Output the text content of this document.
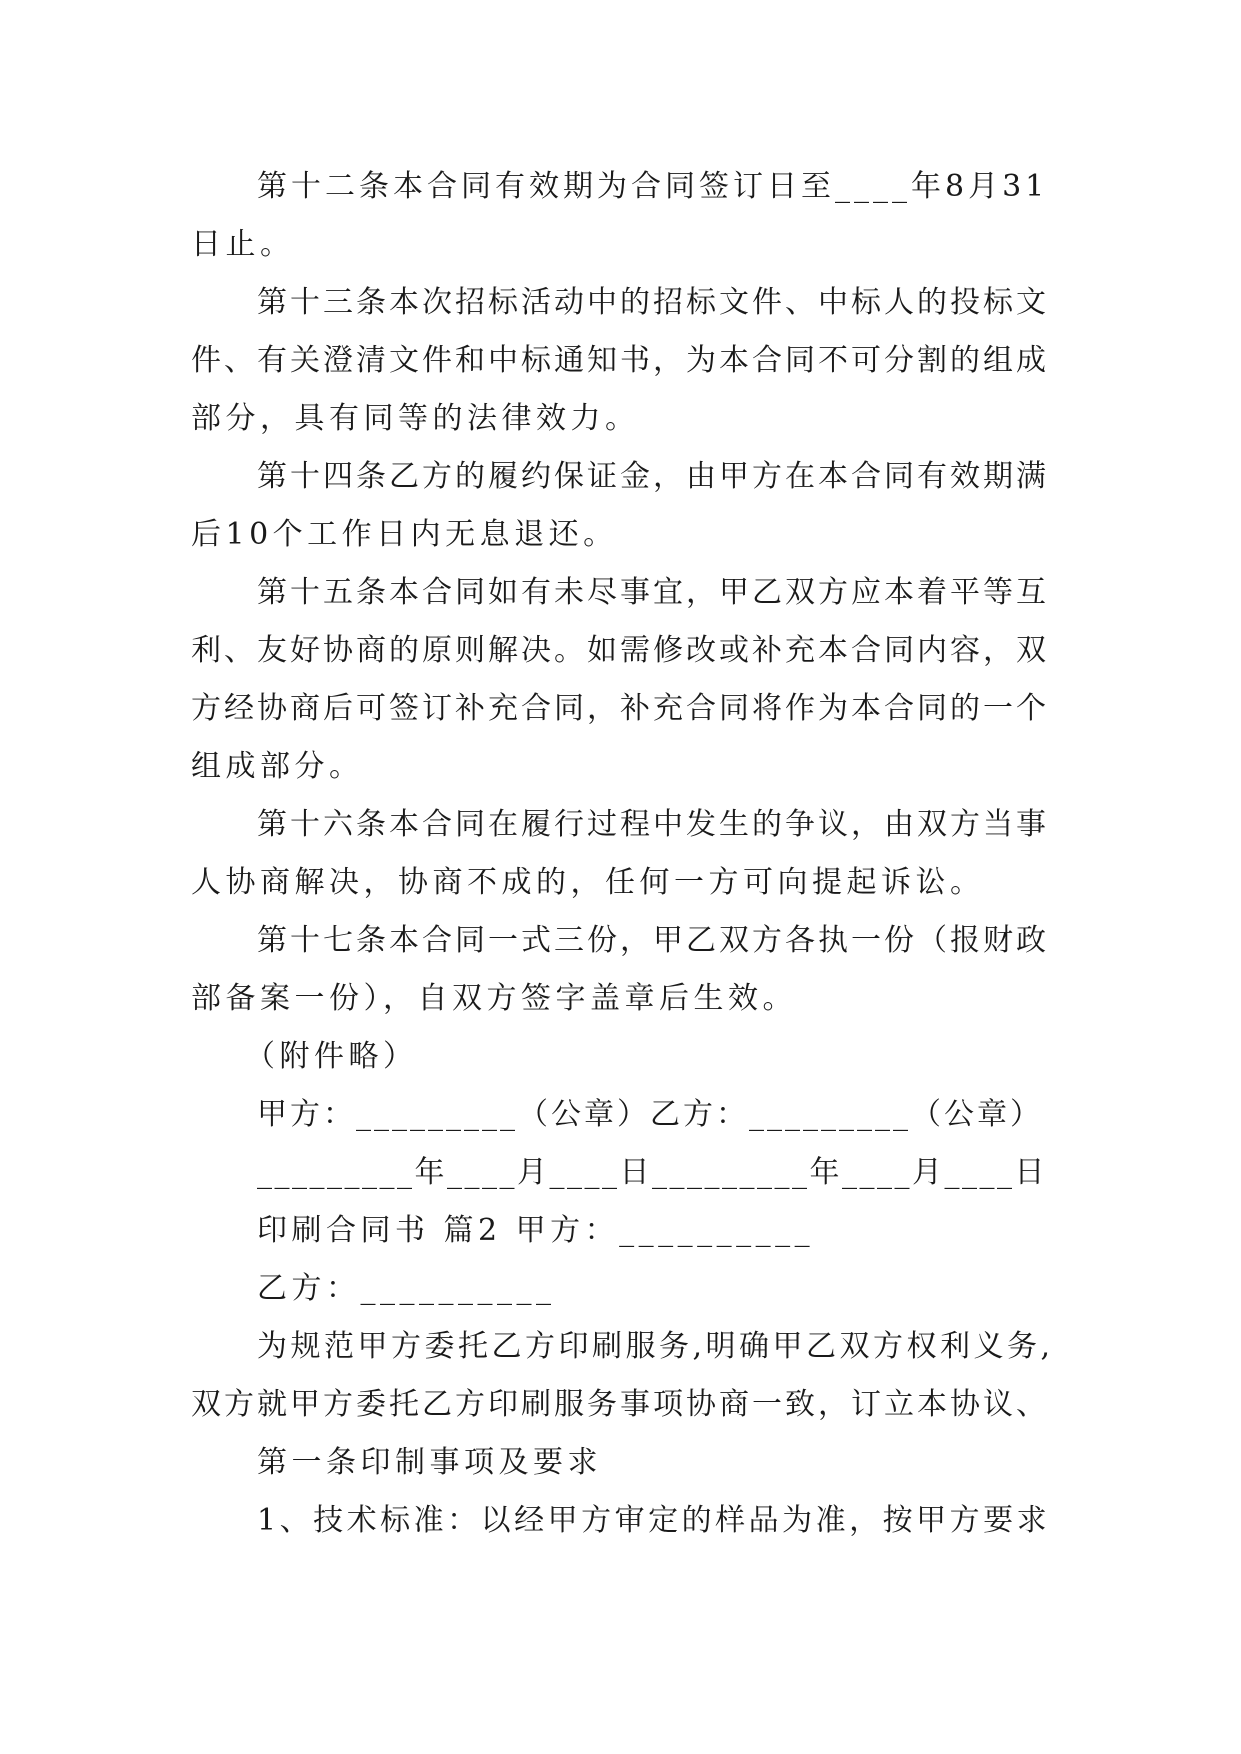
第十二条本合同有效期为合同签订日至____年8月31
日止。
第十三条本次招标活动中的招标文件、中标人的投标文
件、有关澄清文件和中标通知书，为本合同不可分割的组成
部分，具有同等的法律效力。
第十四条乙方的履约保证金，由甲方在本合同有效期满
后10个工作日内无息退还。
第十五条本合同如有未尽事宜，甲乙双方应本着平等互
利、友好协商的原则解决。如需修改或补充本合同内容，双
方经协商后可签订补充合同，补充合同将作为本合同的一个
组成部分。
第十六条本合同在履行过程中发生的争议，由双方当事
人协商解决，协商不成的，任何一方可向提起诉讼。
第十七条本合同一式三份，甲乙双方各执一份（报财政
部备案一份），自双方签字盖章后生效。
（附件略）
甲方：_________（公章）乙方：_________（公章）
_________年____月____日_________年____月____日
印刷合同书 篇2 甲方：__________
乙方：__________
为规范甲方委托乙方印刷服务,明确甲乙双方权利义务,
双方就甲方委托乙方印刷服务事项协商一致，订立本协议、
第一条印制事项及要求
1、技术标准：以经甲方审定的样品为准，按甲方要求
